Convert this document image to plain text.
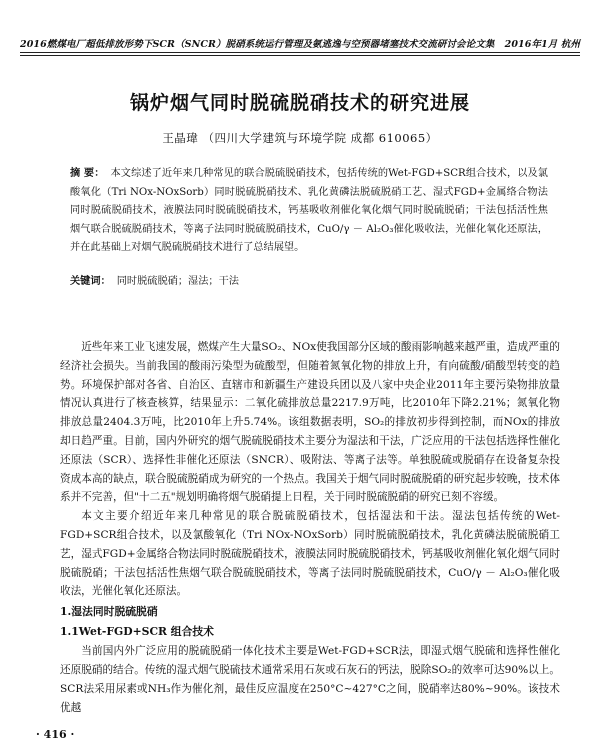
2016燃煤电厂超低排放形势下SCR（SNCR）脱硝系统运行管理及氨逃逸与空预器堵塞技术交流研讨会论文集 2016年1月 杭州
锅炉烟气同时脱硫脱硝技术的研究进展
王晶瑋 （四川大学建筑与环境学院 成都 610065）
摘 要： 本文综述了近年来几种常见的联合脱硫脱硝技术，包括传统的Wet-FGD+SCR组合技术，以及氯酸氧化（Tri NOx-NOxSorb）同时脱硫脱硝技术、乳化黄磷法脱硫脱硝工艺、湿式FGD+金属络合物法同时脱硫脱硝技术，液膜法同时脱硫脱硝技术，钙基吸收剂催化氧化烟气同时脱硫脱硝；干法包括活性焦烟气联合脱硫脱硝技术，等离子法同时脱硫脱硝技术，CuO/γ － Al₂O₃催化吸收法，光催化氧化还原法，并在此基础上对烟气脱硫脱硝技术进行了总结展望。
关键词： 同时脱硫脱硝；湿法；干法

近些年来工业飞速发展，燃煤产生大量SO₂、NOx使我国部分区域的酸雨影响越来越严重，造成严重的经济社会损失。当前我国的酸雨污染型为硫酸型，但随着氮氧化物的排放上升，有向硫酸/硝酸型转变的趋势。环境保护部对各省、自治区、直辖市和新疆生产建设兵团以及八家中央企业2011年主要污染物排放量情况认真进行了核查核算，结果显示：二氧化硫排放总量2217.9万吨，比2010年下降2.21%；氮氧化物排放总量2404.3万吨，比2010年上升5.74%。该组数据表明，SO₂的排放初步得到控制，而NOx的排放却日趋严重。目前，国内外研究的烟气脱硫脱硝技术主要分为湿法和干法，广泛应用的干法包括选择性催化还原法（SCR）、选择性非催化还原法（SNCR）、吸附法、等离子法等。单独脱硫或脱硝存在设备复杂投资成本高的缺点，联合脱硫脱硝成为研究的一个热点。我国关于烟气同时脱硫脱硝的研究起步较晚，技术体系并不完善，但"十二五"规划明确将烟气脱硝提上日程，关于同时脱硫脱硝的研究已刻不容缓。

本文主要介绍近年来几种常见的联合脱硫脱硝技术，包括湿法和干法。湿法包括传统的Wet-FGD+SCR组合技术，以及氯酸氧化（Tri NOx-NOxSorb）同时脱硫脱硝技术，乳化黄磷法脱硫脱硝工艺，湿式FGD+金属络合物法同时脱硫脱硝技术，液膜法同时脱硫脱硝技术，钙基吸收剂催化氧化烟气同时脱硫脱硝；干法包括活性焦烟气联合脱硫脱硝技术，等离子法同时脱硫脱硝技术，CuO/γ － Al₂O₃催化吸收法，光催化氧化还原法。

1.湿法同时脱硫脱硝
1.1Wet-FGD+SCR 组合技术

当前国内外广泛应用的脱硫脱硝一体化技术主要是Wet-FGD+SCR法，即湿式烟气脱硫和选择性催化还原脱硝的结合。传统的湿式烟气脱硫技术通常采用石灰或石灰石的钙法，脱除SO₂的效率可达90%以上。SCR法采用尿素或NH₃作为催化剂，最佳反应温度在250°C~427°C之间，脱硝率达80%~90%。该技术优越

· 416 ·
